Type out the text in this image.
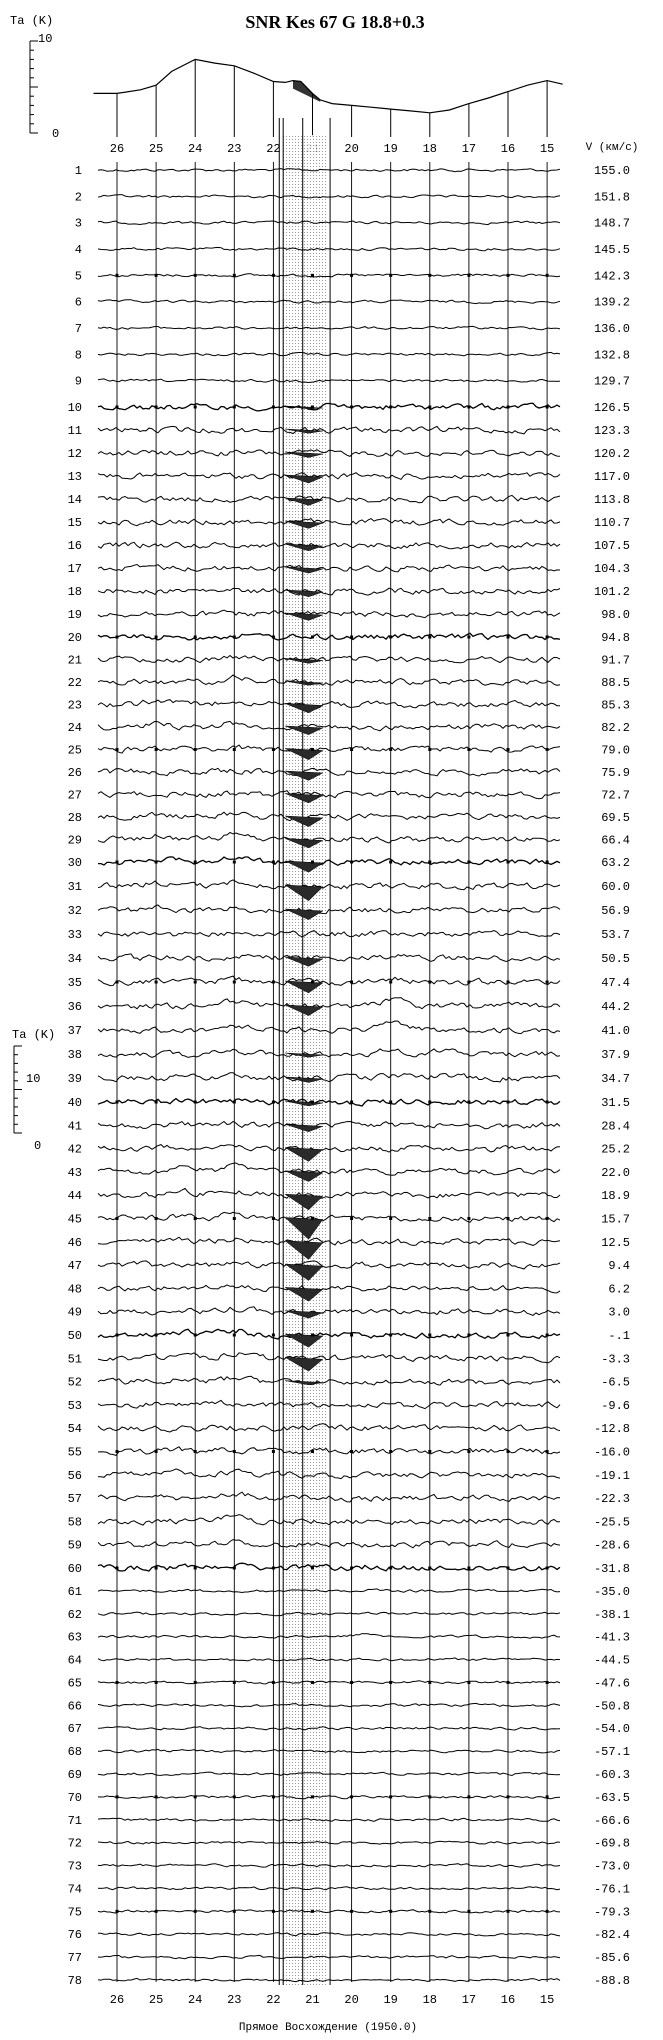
SNR Kes 67 G 18.8+0.3
Ta (K)
10
0
26 25 24 23 22	20 19 18 17 16 15	V (км/с)
1	155.0
2	151.8
3	148.7
4	145.5
5	142.3
6	139.2
7	136.0
8	132.8
9	129.7
10	126.5
11	123.3
12	120.2
13	117.0
14	113.8
15	110.7
16	107.5
17	104.3
18	101.2
19	98.0
20	94.8
21	91.7
22	88.5
23	85.3
24	82.2
25	79.0
26	75.9
27	72.7
28	69.5
29	66.4
30	63.2
31	60.0
32	56.9
33	53.7
34	50.5
35	47.4
36	44.2
37	41.0
38	37.9
39	34.7
40	31.5
41	28.4
42	25.2
43	22.0
44	18.9
45	15.7
46	12.5
47	9.4
48	6.2
49	3.0
50	-.1
51	-3.3
52	-6.5
53	-9.6
54	-12.8
55	-16.0
56	-19.1
57	-22.3
58	-25.5
59	-28.6
60	-31.8
61	-35.0
62	-38.1
63	-41.3
64	-44.5
65	-47.6
66	-50.8
67	-54.0
68	-57.1
69	-60.3
70	-63.5
71	-66.6
72	-69.8
73	-73.0
74	-76.1
75	-79.3
76	-82.4
77	-85.6
78	-88.8
Ta (K)
10
0
26 25 24 23 22 21 20 19 18 17 16 15
Прямое Восхождение (1950.0)
